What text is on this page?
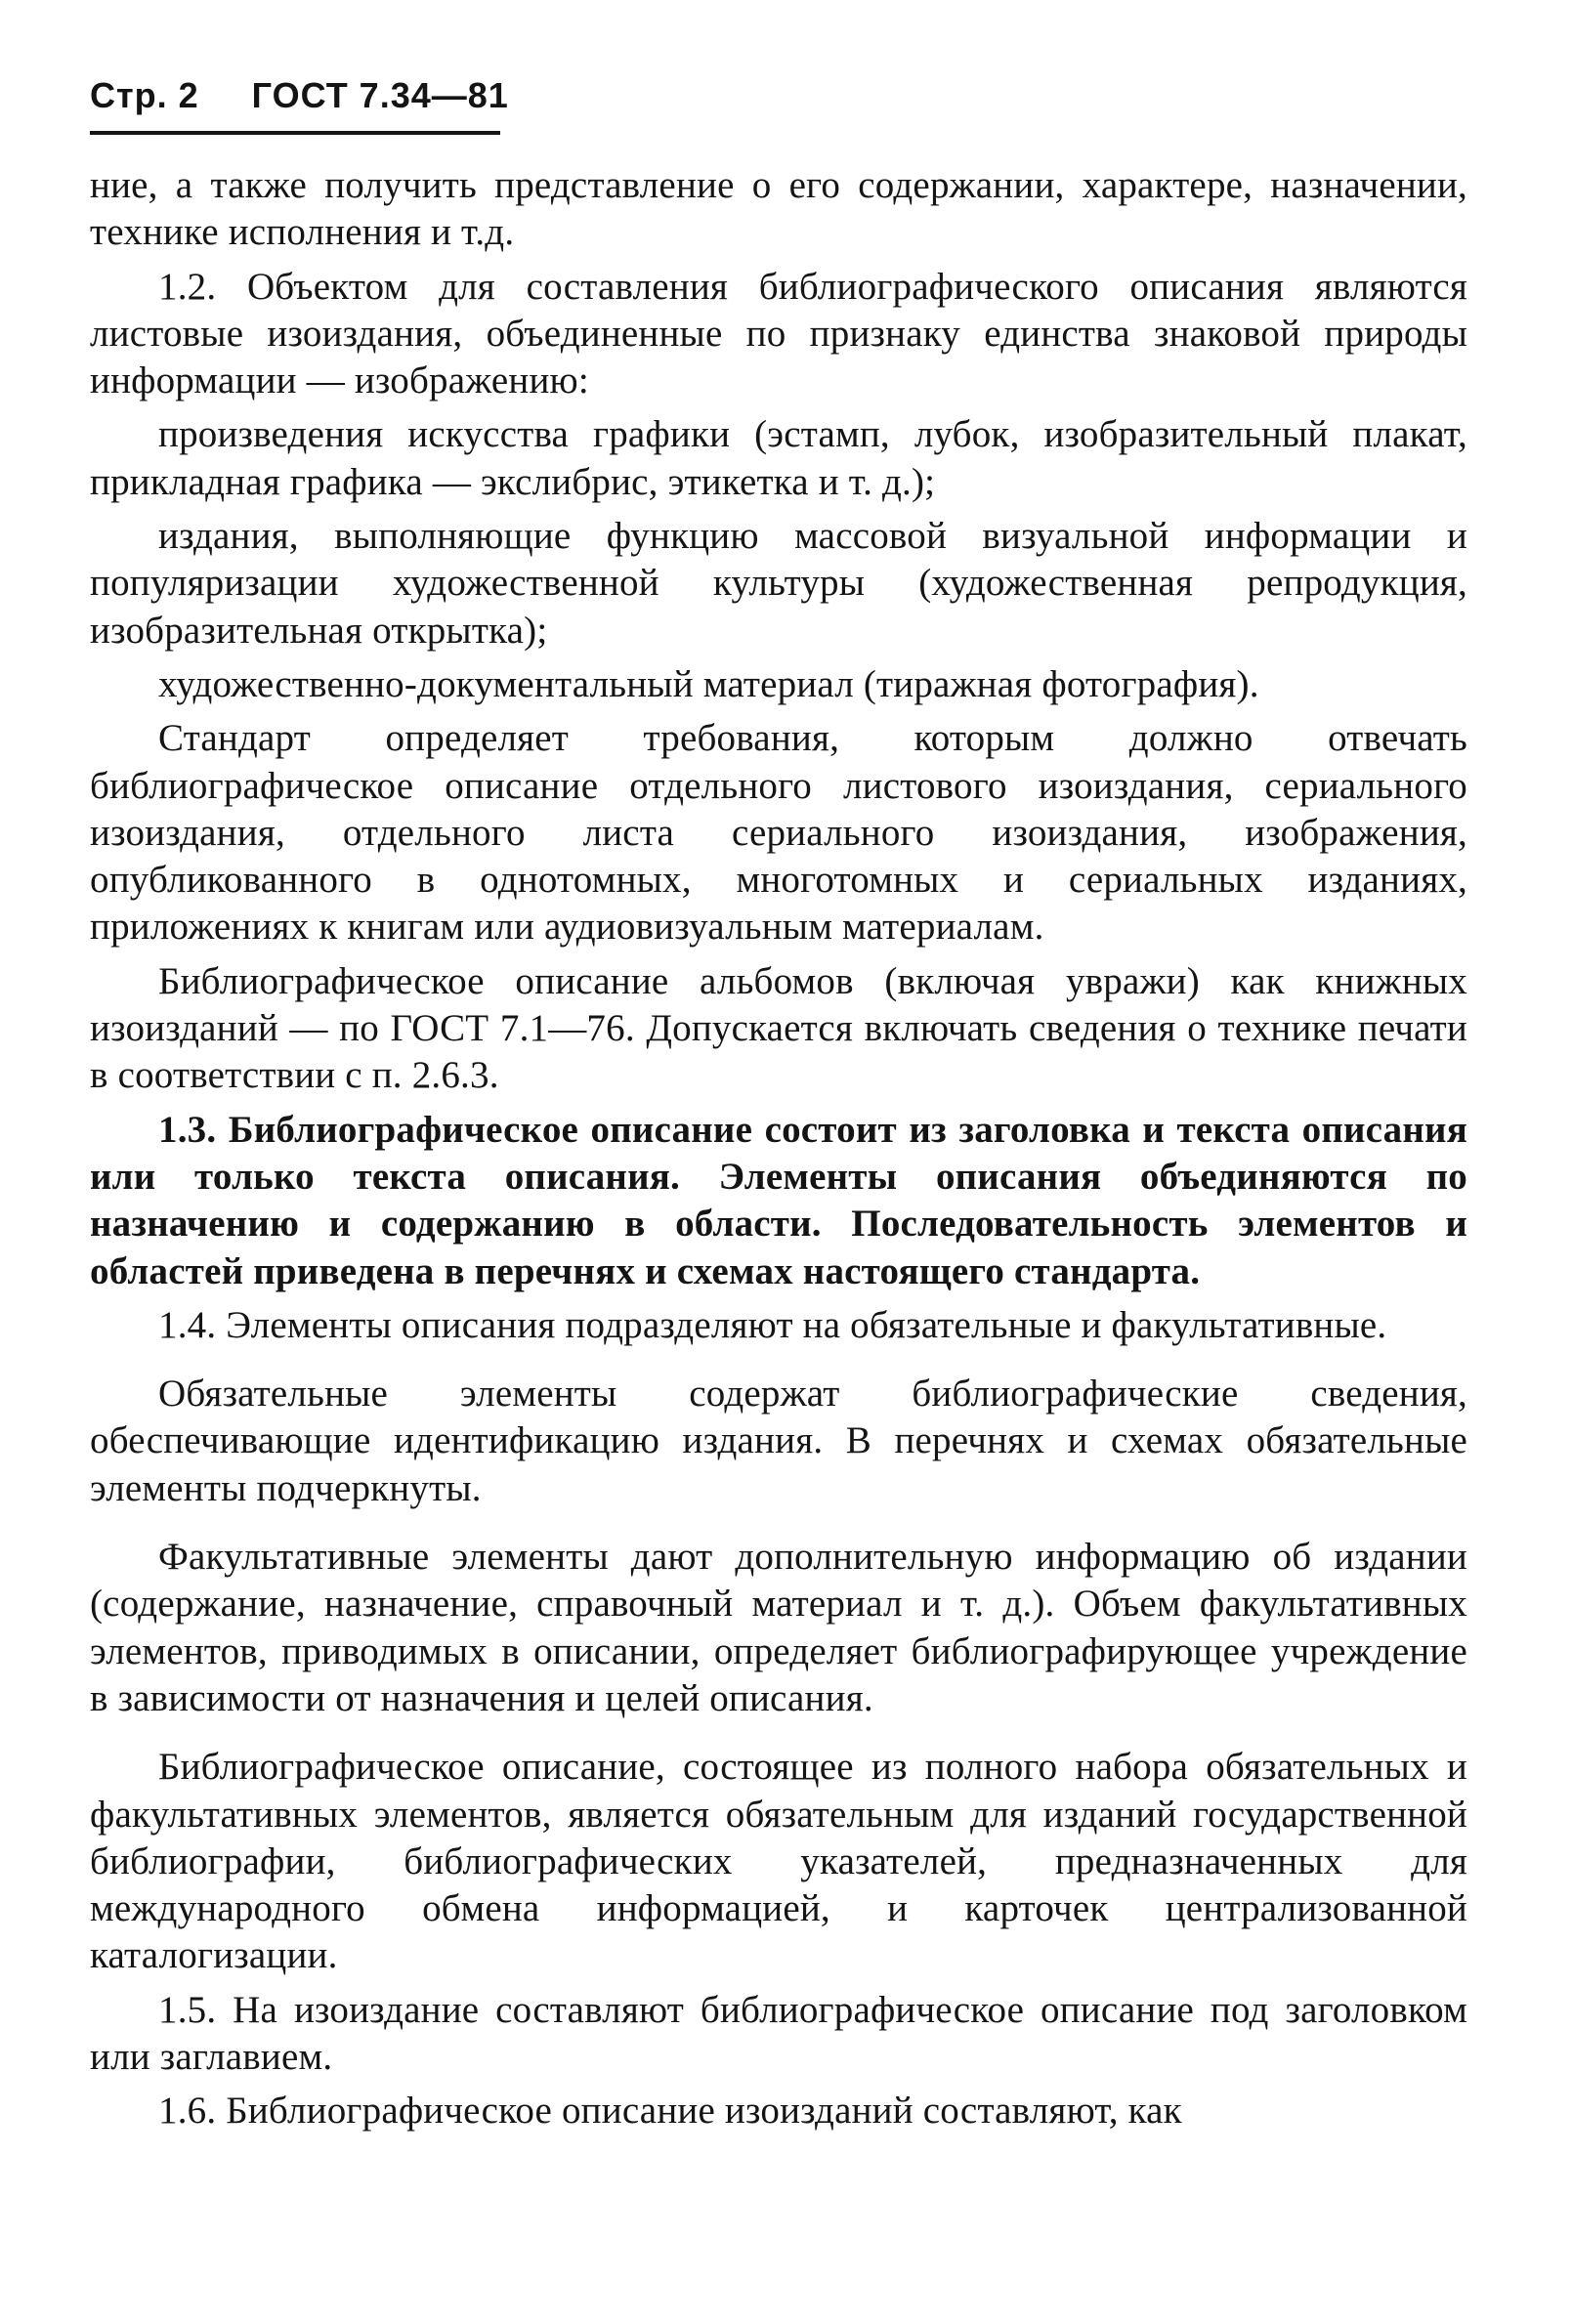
Стр. 2 ГОСТ 7.34—81

ние, а также получить представление о его содержании, характере, назначении, технике исполнения и т.д.

1.2. Объектом для составления библиографического описания являются листовые изоиздания, объединенные по признаку единства знаковой природы информации — изображению:

произведения искусства графики (эстамп, лубок, изобразительный плакат, прикладная графика — экслибрис, этикетка и т. д.);

издания, выполняющие функцию массовой визуальной информации и популяризации художественной культуры (художественная репродукция, изобразительная открытка);

художественно-документальный материал (тиражная фотография).

Стандарт определяет требования, которым должно отвечать библиографическое описание отдельного листового изоиздания, сериального изоиздания, отдельного листа сериального изоиздания, изображения, опубликованного в однотомных, многотомных и сериальных изданиях, приложениях к книгам или аудиовизуальным материалам.

Библиографическое описание альбомов (включая увражи) как книжных изоизданий — по ГОСТ 7.1—76. Допускается включать сведения о технике печати в соответствии с п. 2.6.3.

1.3. Библиографическое описание состоит из заголовка и текста описания или только текста описания. Элементы описания объединяются по назначению и содержанию в области. Последовательность элементов и областей приведена в перечнях и схемах настоящего стандарта.

1.4. Элементы описания подразделяют на обязательные и факультативные.

Обязательные элементы содержат библиографические сведения, обеспечивающие идентификацию издания. В перечнях и схемах обязательные элементы подчеркнуты.

Факультативные элементы дают дополнительную информацию об издании (содержание, назначение, справочный материал и т. д.). Объем факультативных элементов, приводимых в описании, определяет библиографирующее учреждение в зависимости от назначения и целей описания.

Библиографическое описание, состоящее из полного набора обязательных и факультативных элементов, является обязательным для изданий государственной библиографии, библиографических указателей, предназначенных для международного обмена информацией, и карточек централизованной каталогизации.

1.5. На изоиздание составляют библиографическое описание под заголовком или заглавием.

1.6. Библиографическое описание изоизданий составляют, как
